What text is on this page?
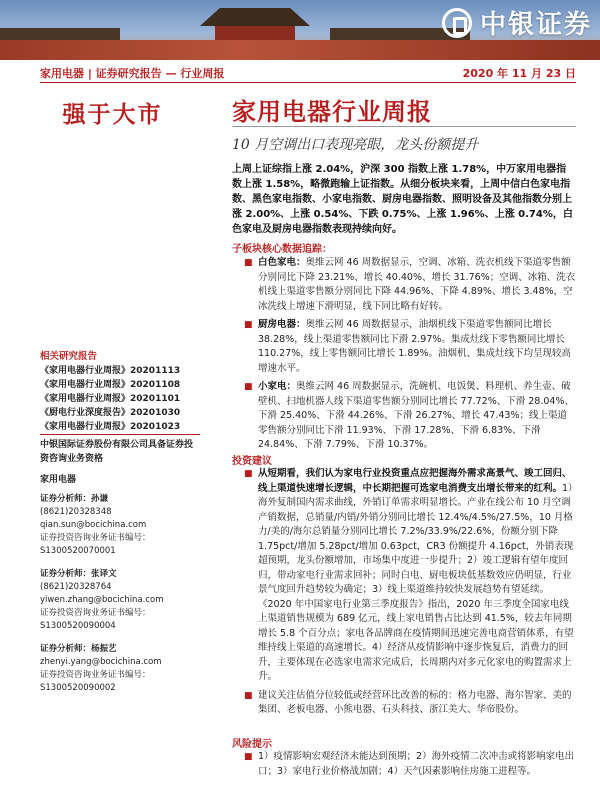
中银证券
家用电器 | 证券研究报告 — 行业周报	2020 年 11 月 23 日
强于大市	家用电器行业周报
10 月空调出口表现亮眼，龙头份额提升
上周上证综指上涨 2.04%，沪深 300 指数上涨 1.78%，中万家用电器指数上涨 1.58%，略微跑输上证指数。从细分板块来看，上周中信白色家电指数、黑色家电指数、小家电指数、厨房电器指数、照明设备及其他指数分别上涨 2.00%、上涨 0.54%、下跌 0.75%、上涨 1.96%、上涨 0.74%，白色家电及厨房电器指数表现持续向好。
子板块核心数据追踪：
■ 白色家电：奥维云网 46 周数据显示，空调、冰箱、洗衣机线下渠道零售额分别同比下降 23.21%、增长 40.40%、增长 31.76%；空调、冰箱、洗衣机线上渠道零售额分别同比下降 44.96%、下降 4.89%、增长 3.48%，空冰洗线上增速下滑明显，线下同比略有好转。
■ 厨房电器：奥维云网 46 周数据显示，油烟机线下渠道零售额同比增长 38.28%，线上渠道零售额同比下滑 2.97%。集成灶线下零售额同比增长 110.27%，线上零售额同比增长 1.89%。油烟机、集成灶线下均呈现较高增速水平。
■ 小家电：奥维云网 46 周数据显示，洗碗机、电饭煲、料理机、养生壶、破壁机、扫地机器人线下渠道零售额分别同比增长 77.72%、下滑 28.04%、下滑 25.40%、下滑 44.26%、下滑 26.27%、增长 47.43%；线上渠道零售额分别同比下滑 11.93%、下滑 17.28%、下滑 6.83%、下滑 24.84%、下滑 7.79%、下滑 10.37%。
投资建议
■ 从短期看，我们认为家电行业投资重点应把握海外需求高景气、竣工回归、线上渠道快速增长逻辑，中长期把握可选家电消费支出增长带来的红利。1）海外复制国内需求曲线，外销订单需求明显增长。产业在线公布 10 月空调产销数据，总销量/内销/外销分别同比增长 12.4%/4.5%/27.5%，10 月格力/美的/海尔总销量分别同比增长 7.2%/33.9%/22.6%，份额分别下降 1.75pct/增加 5.28pct/增加 0.63pct，CR3 份额提升 4.16pct，外销表现超预期，龙头份额增加，市场集中度进一步提升；2）竣工逻辑有望年度回归，带动家电行业需求回补；同时白电、厨电板块低基数效应仍明显，行业景气度回升趋势较为确定；3）线上渠道维持较快发展趋势有望延续。《2020 年中国家电行业第三季度报告》指出，2020 年三季度全国家电线上渠道销售规模为 689 亿元，线上家电销售占比达到 41.5%，较去年同期增长 5.8 个百分点；家电各品牌商在疫情期间迅速完善电商营销体系，有望维持线上渠道的高速增长。4）经济从疫情影响中逐步恢复后，消费力的回升，主要体现在必选家电需求完成后，长周期内对多元化家电的购置需求上升。
■ 建议关注估值分位较低或经营环比改善的标的：格力电器、海尔智家、美的集团、老板电器、小熊电器、石头科技、浙江美大、华帝股份。
风险提示
■ 1）疫情影响宏观经济未能达到预期；2）海外疫情二次冲击或将影响家电出口；3）家电行业价格战加剧；4）天气因素影响住房施工进程等。
相关研究报告
《家用电器行业周报》20201113
《家用电器行业周报》20201108
《家用电器行业周报》20201101
《厨电行业深度报告》20201030
《家用电器行业周报》20201023
中银国际证券股份有限公司具备证券投资咨询业务资格
家用电器
证券分析师：孙谦
(8621)20328348
qian.sun@bocichina.com
证券投资咨询业务证书编号：S1300520070001
证券分析师：张译文
(8621)20328764
yiwen.zhang@bocichina.com
证券投资咨询业务证书编号：S1300520090004
证券分析师：杨振艺
zhenyi.yang@bocichina.com
证券投资咨询业务证书编号：S1300520090002
